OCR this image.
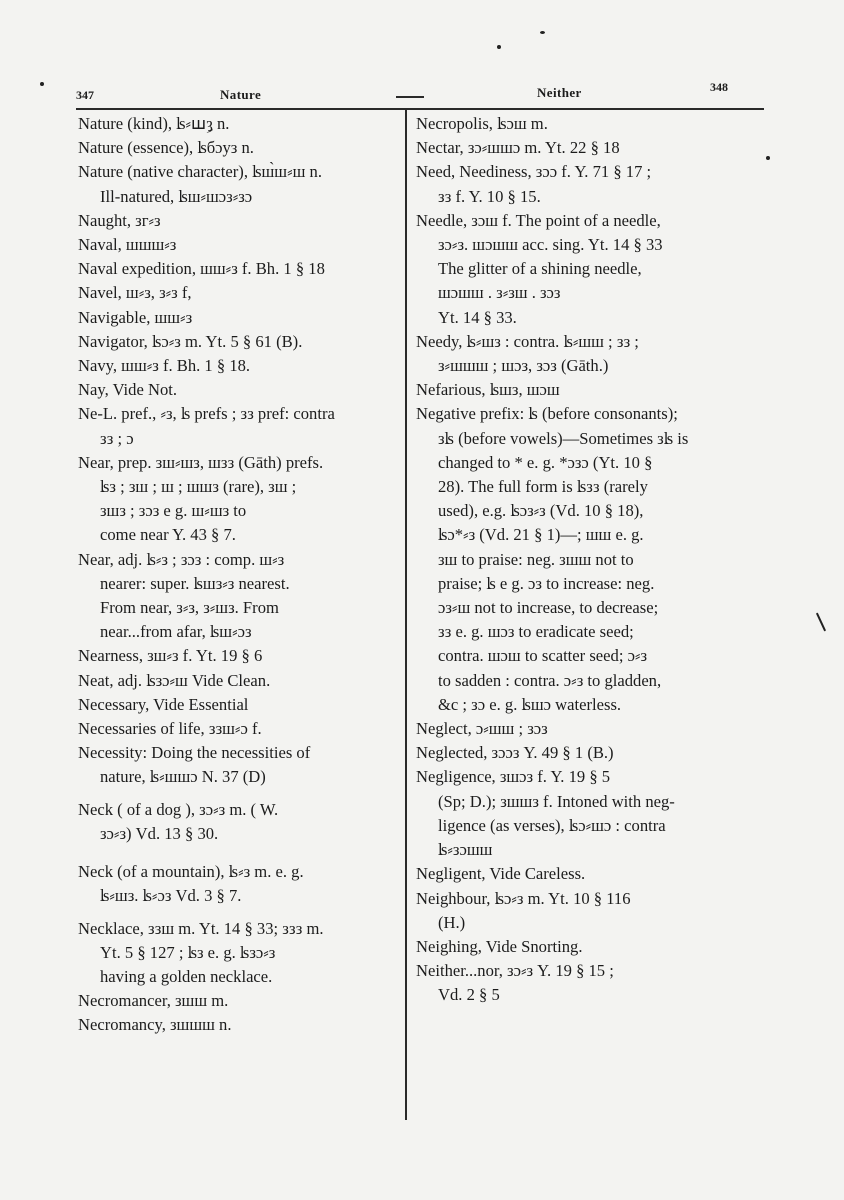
347	Nature	Neither	348
Nature (kind), ʪ⸗шِȝ n.
Nature (essence), ʪбɔуз n.
Nature (native character), ʪш̀ш⸗ш n.
Ill-natured, ʪш⸗шɔз⸗зɔ
Naught, зг⸗з
Naval, шшш⸗з
Naval expedition, шш⸗з f. Bh. 1 § 18
Navel, ш⸗з, з⸗з f,
Navigable, шш⸗з
Navigator, ʪɔ⸗з m. Yt. 5 § 61 (B).
Navy, шш⸗з f. Bh. 1 § 18.
Nay, Vide Not.
Ne-L. pref., ⸗з, ʪ prefs ; зз pref: contra
зз ; ɔ
Near, prep. зш⸗шз, шзз (Gāth) prefs.
ʪз ; зш ; ш ; шшз (rare), зш ;
зшз ; зɔз e g. ш⸗шз to
come near Y. 43 § 7.
Near, adj. ʪ⸗з ; зɔз : comp. ш⸗з
nearer: super. ʪшз⸗з nearest.
From near, з⸗з, з⸗шз. From
near...from afar, ʪш⸗ɔз
Nearness, зш⸗з f. Yt. 19 § 6
Neat, adj. ʪзɔ⸗ш Vide Clean.
Necessary, Vide Essential
Necessaries of life, ззш⸗ɔ f.
Necessity: Doing the necessities of
nature, ʪ⸗шшɔ N. 37 (D)
Neck ( of a dog ), зɔ⸗з m. ( W.
зɔ⸗з) Vd. 13 § 30.
Neck (of a mountain), ʪ⸗з m. e. g.
ʪ⸗шз. ʪ⸗ɔз Vd. 3 § 7.
Necklace, ззш m. Yt. 14 § 33; ззз m.
Yt. 5 § 127 ; ʪз e. g. ʪзɔ⸗з
having a golden necklace.
Necromancer, зшш m.
Necromancy, зшшш n.
Necropolis, ʪɔш m.
Nectar, зɔ⸗шшɔ m. Yt. 22 § 18
Need, Neediness, зɔɔ f. Y. 71 § 17 ;
зз f. Y. 10 § 15.
Needle, зɔш f. The point of a needle,
зɔ⸗з. шɔшш acc. sing. Yt. 14 § 33
The glitter of a shining needle,
шɔшш . з⸗зш . зɔз
Yt. 14 § 33.
Needy, ʪ⸗шз : contra. ʪ⸗шш ; зз ;
з⸗шшш ; шɔз, зɔз (Gāth.)
Nefarious, ʪшз, шɔш
Negative prefix: ʪ (before consonants);
зʪ (before vowels)—Sometimes зʪ is
changed to * e. g. *ɔзɔ (Yt. 10 §
28). The full form is ʪзз (rarely
used), e.g. ʪɔз⸗з (Vd. 10 § 18),
ʪɔ*⸗з (Vd. 21 § 1)—; шш e. g.
зш to praise: neg. зшш not to
praise; ʪ e g. ɔз to increase: neg.
ɔз⸗ш not to increase, to decrease;
зз e. g. шɔз to eradicate seed;
contra. шɔш to scatter seed; ɔ⸗з
to sadden : contra. ɔ⸗з to gladden,
&c ; зɔ e. g. ʪшɔ waterless.
Neglect, ɔ⸗шш ; зɔз
Neglected, зɔɔз Y. 49 § 1 (B.)
Negligence, зшɔз f. Y. 19 § 5
(Sp; D.); зшшз f. Intoned with neg-
ligence (as verses), ʪɔ⸗шɔ : contra
ʪ⸗зɔшш
Negligent, Vide Careless.
Neighbour, ʪɔ⸗з m. Yt. 10 § 116
(H.)
Neighing, Vide Snorting.
Neither...nor, зɔ⸗з Y. 19 § 15 ;
Vd. 2 § 5
